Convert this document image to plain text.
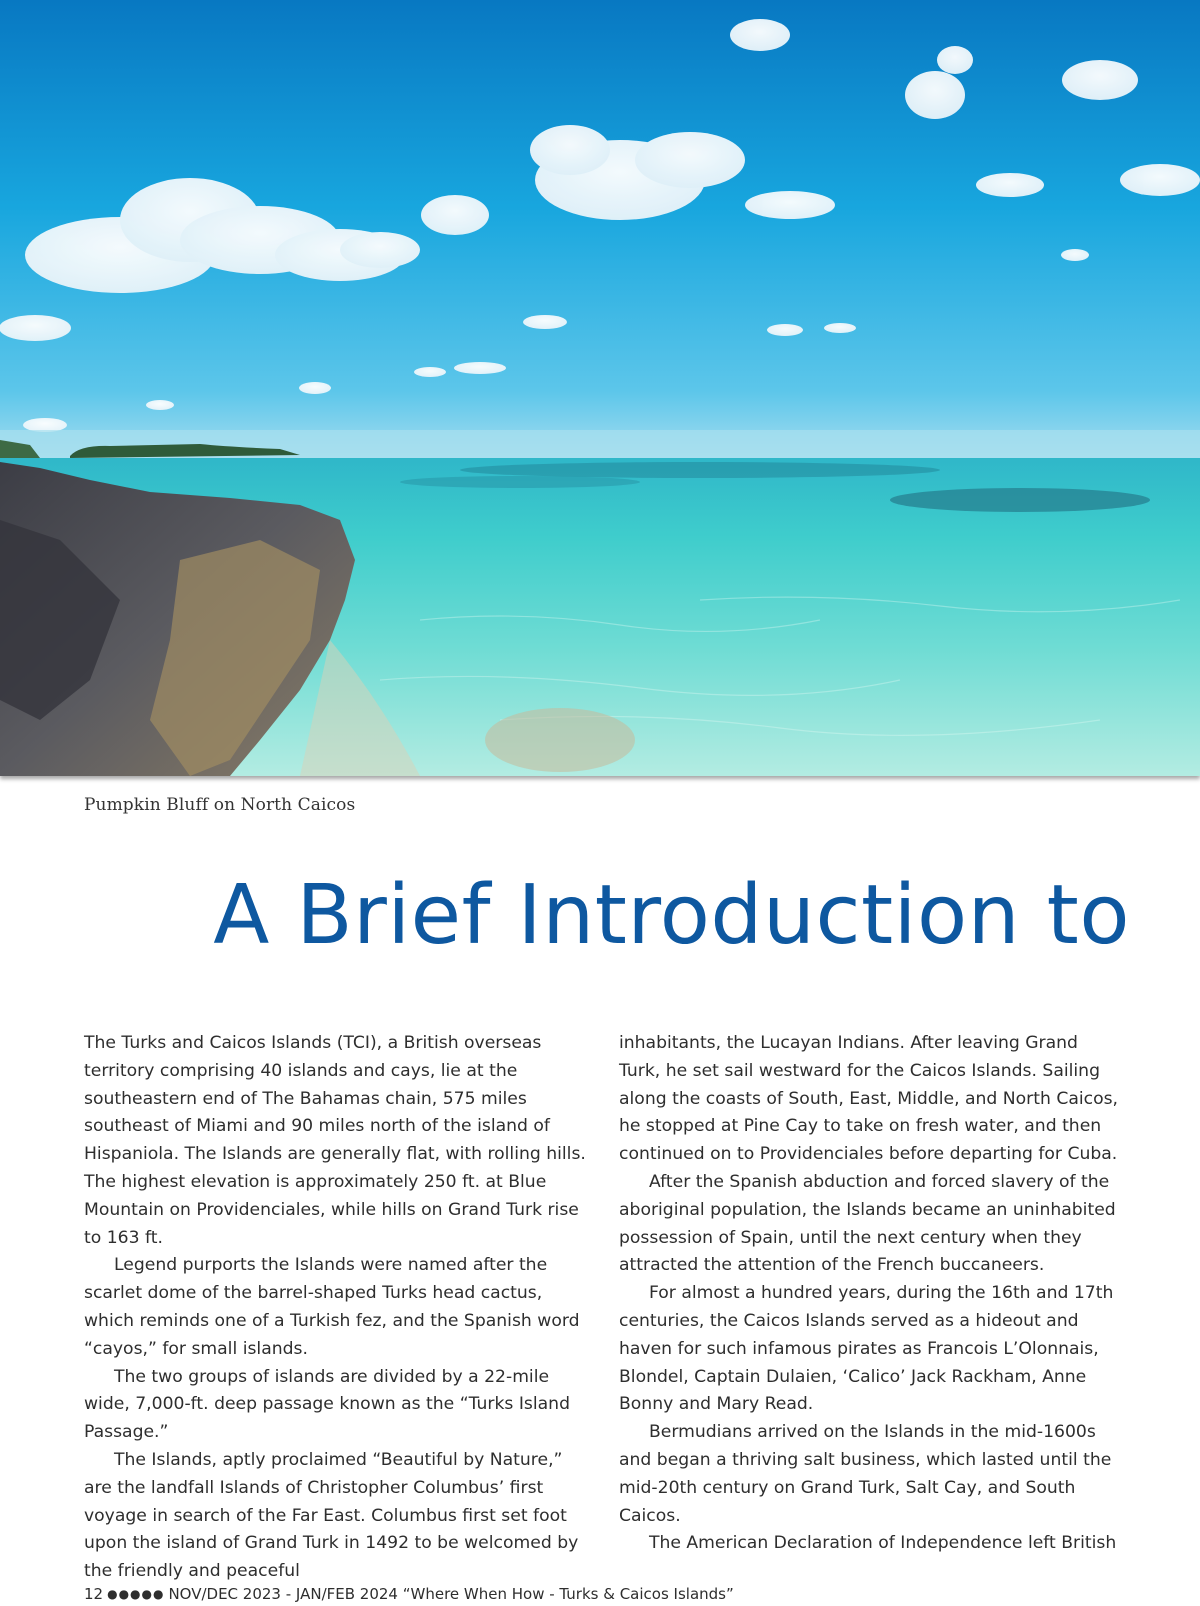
Pumpkin Bluff on North Caicos
A Brief Introduction to

The Turks and Caicos Islands (TCI), a British overseas territory comprising 40 islands and cays, lie at the southeastern end of The Bahamas chain, 575 miles southeast of Miami and 90 miles north of the island of Hispaniola. The Islands are generally flat, with rolling hills. The highest elevation is approximately 250 ft. at Blue Mountain on Providenciales, while hills on Grand Turk rise to 163 ft.

Legend purports the Islands were named after the scarlet dome of the barrel-shaped Turks head cactus, which reminds one of a Turkish fez, and the Spanish word “cayos,” for small islands.

The two groups of islands are divided by a 22-mile wide, 7,000-ft. deep passage known as the “Turks Island Passage.”

The Islands, aptly proclaimed “Beautiful by Nature,” are the landfall Islands of Christopher Columbus’ first voyage in search of the Far East. Columbus first set foot upon the island of Grand Turk in 1492 to be welcomed by the friendly and peaceful

inhabitants, the Lucayan Indians. After leaving Grand Turk, he set sail westward for the Caicos Islands. Sailing along the coasts of South, East, Middle, and North Caicos, he stopped at Pine Cay to take on fresh water, and then continued on to Providenciales before departing for Cuba.

After the Spanish abduction and forced slavery of the aboriginal population, the Islands became an uninhabited possession of Spain, until the next century when they attracted the attention of the French buccaneers.

For almost a hundred years, during the 16th and 17th centuries, the Caicos Islands served as a hideout and haven for such infamous pirates as Francois L’Olonnais, Blondel, Captain Dulaien, ‘Calico’ Jack Rackham, Anne Bonny and Mary Read.

Bermudians arrived on the Islands in the mid-1600s and began a thriving salt business, which lasted until the mid-20th century on Grand Turk, Salt Cay, and South Caicos.

The American Declaration of Independence left British

12 ●●●●● NOV/DEC 2023 - JAN/FEB 2024 “Where When How - Turks & Caicos Islands”
